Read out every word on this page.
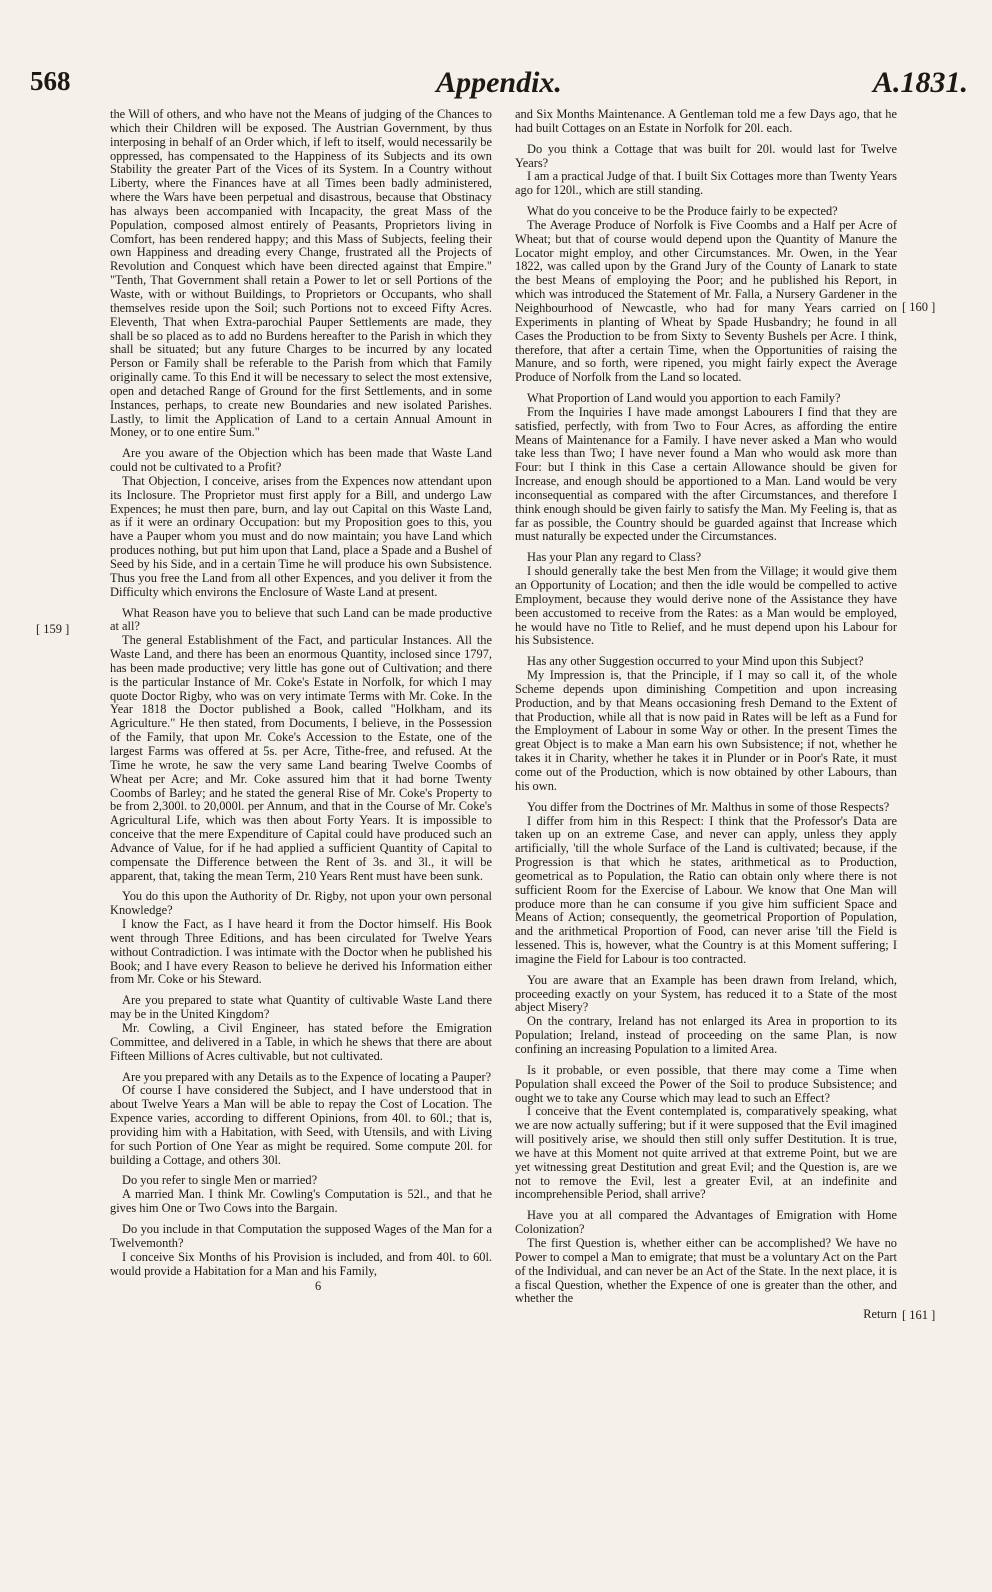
568	Appendix.	A.1831.
[ 159 ]
[ 160 ]
[ 161 ]

the Will of others, and who have not the Means of judging of the Chances to which their Children will be exposed. The Austrian Government, by thus interposing in behalf of an Order which, if left to itself, would necessarily be oppressed, has compensated to the Happiness of its Subjects and its own Stability the greater Part of the Vices of its System. In a Country without Liberty, where the Finances have at all Times been badly administered, where the Wars have been perpetual and disastrous, because that Obstinacy has always been accompanied with Incapacity, the great Mass of the Population, composed almost entirely of Peasants, Proprietors living in Comfort, has been rendered happy; and this Mass of Subjects, feeling their own Happiness and dreading every Change, frustrated all the Projects of Revolution and Conquest which have been directed against that Empire." "Tenth, That Government shall retain a Power to let or sell Portions of the Waste, with or without Buildings, to Proprietors or Occupants, who shall themselves reside upon the Soil; such Portions not to exceed Fifty Acres. Eleventh, That when Extra-parochial Pauper Settlements are made, they shall be so placed as to add no Burdens hereafter to the Parish in which they shall be situated; but any future Charges to be incurred by any located Person or Family shall be referable to the Parish from which that Family originally came. To this End it will be necessary to select the most extensive, open and detached Range of Ground for the first Settlements, and in some Instances, perhaps, to create new Boundaries and new isolated Parishes. Lastly, to limit the Application of Land to a certain Annual Amount in Money, or to one entire Sum."

Are you aware of the Objection which has been made that Waste Land could not be cultivated to a Profit?

That Objection, I conceive, arises from the Expences now attendant upon its Inclosure. The Proprietor must first apply for a Bill, and undergo Law Expences; he must then pare, burn, and lay out Capital on this Waste Land, as if it were an ordinary Occupation: but my Proposition goes to this, you have a Pauper whom you must and do now maintain; you have Land which produces nothing, but put him upon that Land, place a Spade and a Bushel of Seed by his Side, and in a certain Time he will produce his own Subsistence. Thus you free the Land from all other Expences, and you deliver it from the Difficulty which environs the Enclosure of Waste Land at present.

What Reason have you to believe that such Land can be made productive at all?

The general Establishment of the Fact, and particular Instances. All the Waste Land, and there has been an enormous Quantity, inclosed since 1797, has been made productive; very little has gone out of Cultivation; and there is the particular Instance of Mr. Coke's Estate in Norfolk, for which I may quote Doctor Rigby, who was on very intimate Terms with Mr. Coke. In the Year 1818 the Doctor published a Book, called "Holkham, and its Agriculture." He then stated, from Documents, I believe, in the Possession of the Family, that upon Mr. Coke's Accession to the Estate, one of the largest Farms was offered at 5s. per Acre, Tithe-free, and refused. At the Time he wrote, he saw the very same Land bearing Twelve Coombs of Wheat per Acre; and Mr. Coke assured him that it had borne Twenty Coombs of Barley; and he stated the general Rise of Mr. Coke's Property to be from 2,300l. to 20,000l. per Annum, and that in the Course of Mr. Coke's Agricultural Life, which was then about Forty Years. It is impossible to conceive that the mere Expenditure of Capital could have produced such an Advance of Value, for if he had applied a sufficient Quantity of Capital to compensate the Difference between the Rent of 3s. and 3l., it will be apparent, that, taking the mean Term, 210 Years Rent must have been sunk.

You do this upon the Authority of Dr. Rigby, not upon your own personal Knowledge?

I know the Fact, as I have heard it from the Doctor himself. His Book went through Three Editions, and has been circulated for Twelve Years without Contradiction. I was intimate with the Doctor when he published his Book; and I have every Reason to believe he derived his Information either from Mr. Coke or his Steward.

Are you prepared to state what Quantity of cultivable Waste Land there may be in the United Kingdom?

Mr. Cowling, a Civil Engineer, has stated before the Emigration Committee, and delivered in a Table, in which he shews that there are about Fifteen Millions of Acres cultivable, but not cultivated.

Are you prepared with any Details as to the Expence of locating a Pauper?

Of course I have considered the Subject, and I have understood that in about Twelve Years a Man will be able to repay the Cost of Location. The Expence varies, according to different Opinions, from 40l. to 60l.; that is, providing him with a Habitation, with Seed, with Utensils, and with Living for such Portion of One Year as might be required. Some compute 20l. for building a Cottage, and others 30l.

Do you refer to single Men or married?

A married Man. I think Mr. Cowling's Computation is 52l., and that he gives him One or Two Cows into the Bargain.

Do you include in that Computation the supposed Wages of the Man for a Twelvemonth?

I conceive Six Months of his Provision is included, and from 40l. to 60l. would provide a Habitation for a Man and his Family,

6

and Six Months Maintenance. A Gentleman told me a few Days ago, that he had built Cottages on an Estate in Norfolk for 20l. each.

Do you think a Cottage that was built for 20l. would last for Twelve Years?

I am a practical Judge of that. I built Six Cottages more than Twenty Years ago for 120l., which are still standing.

What do you conceive to be the Produce fairly to be expected?

The Average Produce of Norfolk is Five Coombs and a Half per Acre of Wheat; but that of course would depend upon the Quantity of Manure the Locator might employ, and other Circumstances. Mr. Owen, in the Year 1822, was called upon by the Grand Jury of the County of Lanark to state the best Means of employing the Poor; and he published his Report, in which was introduced the Statement of Mr. Falla, a Nursery Gardener in the Neighbourhood of Newcastle, who had for many Years carried on Experiments in planting of Wheat by Spade Husbandry; he found in all Cases the Production to be from Sixty to Seventy Bushels per Acre. I think, therefore, that after a certain Time, when the Opportunities of raising the Manure, and so forth, were ripened, you might fairly expect the Average Produce of Norfolk from the Land so located.

What Proportion of Land would you apportion to each Family?

From the Inquiries I have made amongst Labourers I find that they are satisfied, perfectly, with from Two to Four Acres, as affording the entire Means of Maintenance for a Family. I have never asked a Man who would take less than Two; I have never found a Man who would ask more than Four: but I think in this Case a certain Allowance should be given for Increase, and enough should be apportioned to a Man. Land would be very inconsequential as compared with the after Circumstances, and therefore I think enough should be given fairly to satisfy the Man. My Feeling is, that as far as possible, the Country should be guarded against that Increase which must naturally be expected under the Circumstances.

Has your Plan any regard to Class?

I should generally take the best Men from the Village; it would give them an Opportunity of Location; and then the idle would be compelled to active Employment, because they would derive none of the Assistance they have been accustomed to receive from the Rates: as a Man would be employed, he would have no Title to Relief, and he must depend upon his Labour for his Subsistence.

Has any other Suggestion occurred to your Mind upon this Subject?

My Impression is, that the Principle, if I may so call it, of the whole Scheme depends upon diminishing Competition and upon increasing Production, and by that Means occasioning fresh Demand to the Extent of that Production, while all that is now paid in Rates will be left as a Fund for the Employment of Labour in some Way or other. In the present Times the great Object is to make a Man earn his own Subsistence; if not, whether he takes it in Charity, whether he takes it in Plunder or in Poor's Rate, it must come out of the Production, which is now obtained by other Labours, than his own.

You differ from the Doctrines of Mr. Malthus in some of those Respects?

I differ from him in this Respect: I think that the Professor's Data are taken up on an extreme Case, and never can apply, unless they apply artificially, 'till the whole Surface of the Land is cultivated; because, if the Progression is that which he states, arithmetical as to Production, geometrical as to Population, the Ratio can obtain only where there is not sufficient Room for the Exercise of Labour. We know that One Man will produce more than he can consume if you give him sufficient Space and Means of Action; consequently, the geometrical Proportion of Population, and the arithmetical Proportion of Food, can never arise 'till the Field is lessened. This is, however, what the Country is at this Moment suffering; I imagine the Field for Labour is too contracted.

You are aware that an Example has been drawn from Ireland, which, proceeding exactly on your System, has reduced it to a State of the most abject Misery?

On the contrary, Ireland has not enlarged its Area in proportion to its Population; Ireland, instead of proceeding on the same Plan, is now confining an increasing Population to a limited Area.

Is it probable, or even possible, that there may come a Time when Population shall exceed the Power of the Soil to produce Subsistence; and ought we to take any Course which may lead to such an Effect?

I conceive that the Event contemplated is, comparatively speaking, what we are now actually suffering; but if it were supposed that the Evil imagined will positively arise, we should then still only suffer Destitution. It is true, we have at this Moment not quite arrived at that extreme Point, but we are yet witnessing great Destitution and great Evil; and the Question is, are we not to remove the Evil, lest a greater Evil, at an indefinite and incomprehensible Period, shall arrive?

Have you at all compared the Advantages of Emigration with Home Colonization?

The first Question is, whether either can be accomplished? We have no Power to compel a Man to emigrate; that must be a voluntary Act on the Part of the Individual, and can never be an Act of the State. In the next place, it is a fiscal Question, whether the Expence of one is greater than the other, and whether the

Return
